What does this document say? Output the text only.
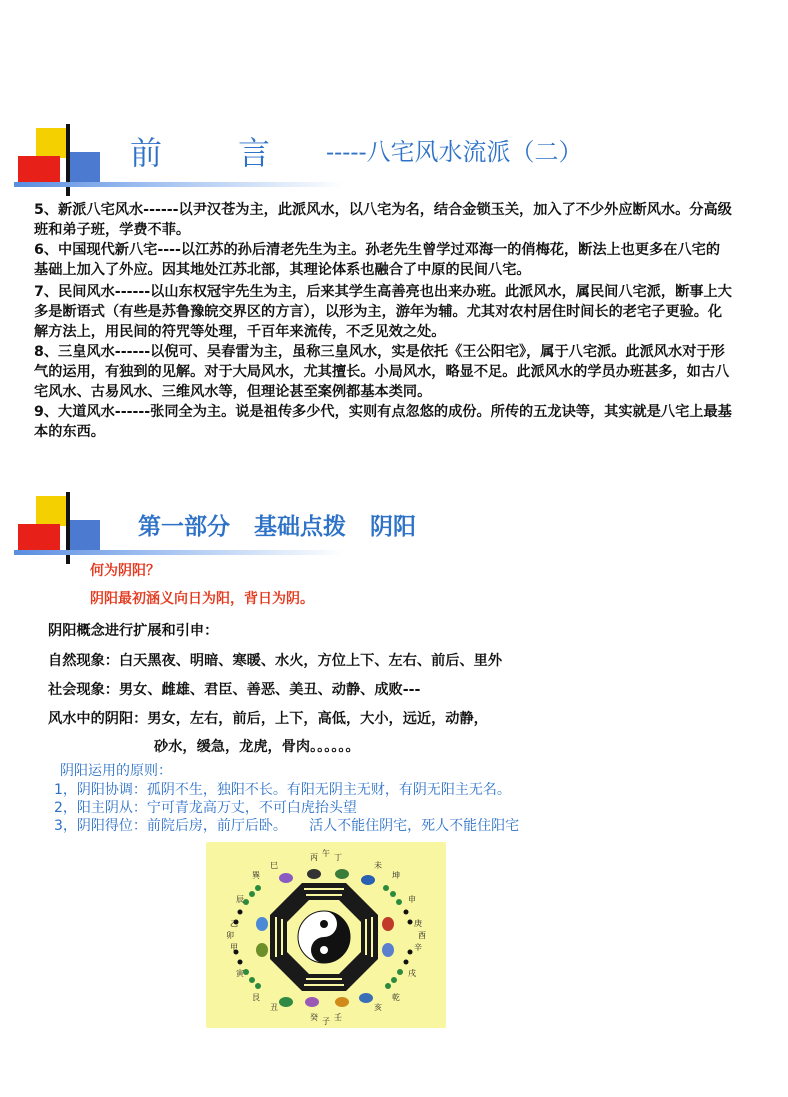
前言
-----八宅风水流派（二）
5、新派八宅风水------以尹汉苍为主，此派风水，以八宅为名，结合金锁玉关，加入了不少外应断风水。分高级班和弟子班，学费不菲。
6、中国现代新八宅----以江苏的孙后清老先生为主。孙老先生曾学过邓海一的俏梅花，断法上也更多在八宅的基础上加入了外应。因其地处江苏北部，其理论体系也融合了中原的民间八宅。
7、民间风水------以山东权冠宇先生为主，后来其学生高善亮也出来办班。此派风水，属民间八宅派，断事上大多是断语式（有些是苏鲁豫皖交界区的方言），以形为主，游年为辅。尤其对农村居住时间长的老宅子更验。化解方法上，用民间的符咒等处理，千百年来流传，不乏见效之处。
8、三皇风水------以倪可、吴春雷为主，虽称三皇风水，实是依托《王公阳宅》，属于八宅派。此派风水对于形气的运用，有独到的见解。对于大局风水，尤其擅长。小局风水，略显不足。此派风水的学员办班甚多，如古八宅风水、古易风水、三维风水等，但理论甚至案例都基本类同。
9、大道风水------张同全为主。说是祖传多少代，实则有点忽悠的成份。所传的五龙诀等，其实就是八宅上最基本的东西。
第一部分   基础点拨   阴阳
何为阴阳？
阴阳最初涵义向日为阳，背日为阴。
阴阳概念进行扩展和引申：
自然现象：白天黑夜、明暗、寒暖、水火，方位上下、左右、前后、里外
社会现象：男女、雌雄、君臣、善恶、美丑、动静、成败---
风水中的阴阳：男女，左右，前后，上下，高低，大小，远近，动静，
砂水，缓急，龙虎，骨肉。。。。。。
阴阳运用的原则：
1，阴阳协调：孤阴不生，独阳不长。有阳无阴主无财，有阴无阳主无名。
2，阳主阴从：宁可青龙高万丈，不可白虎抬头望
3，阴阳得位：前院后房，前厅后卧。     活人不能住阴宅，死人不能住阳宅
丙 午 丁
未
坤
申
庚
酉
辛
戌
乾
亥
壬
子
癸
丑
艮
寅
甲
卯
乙
辰
巽
巳
